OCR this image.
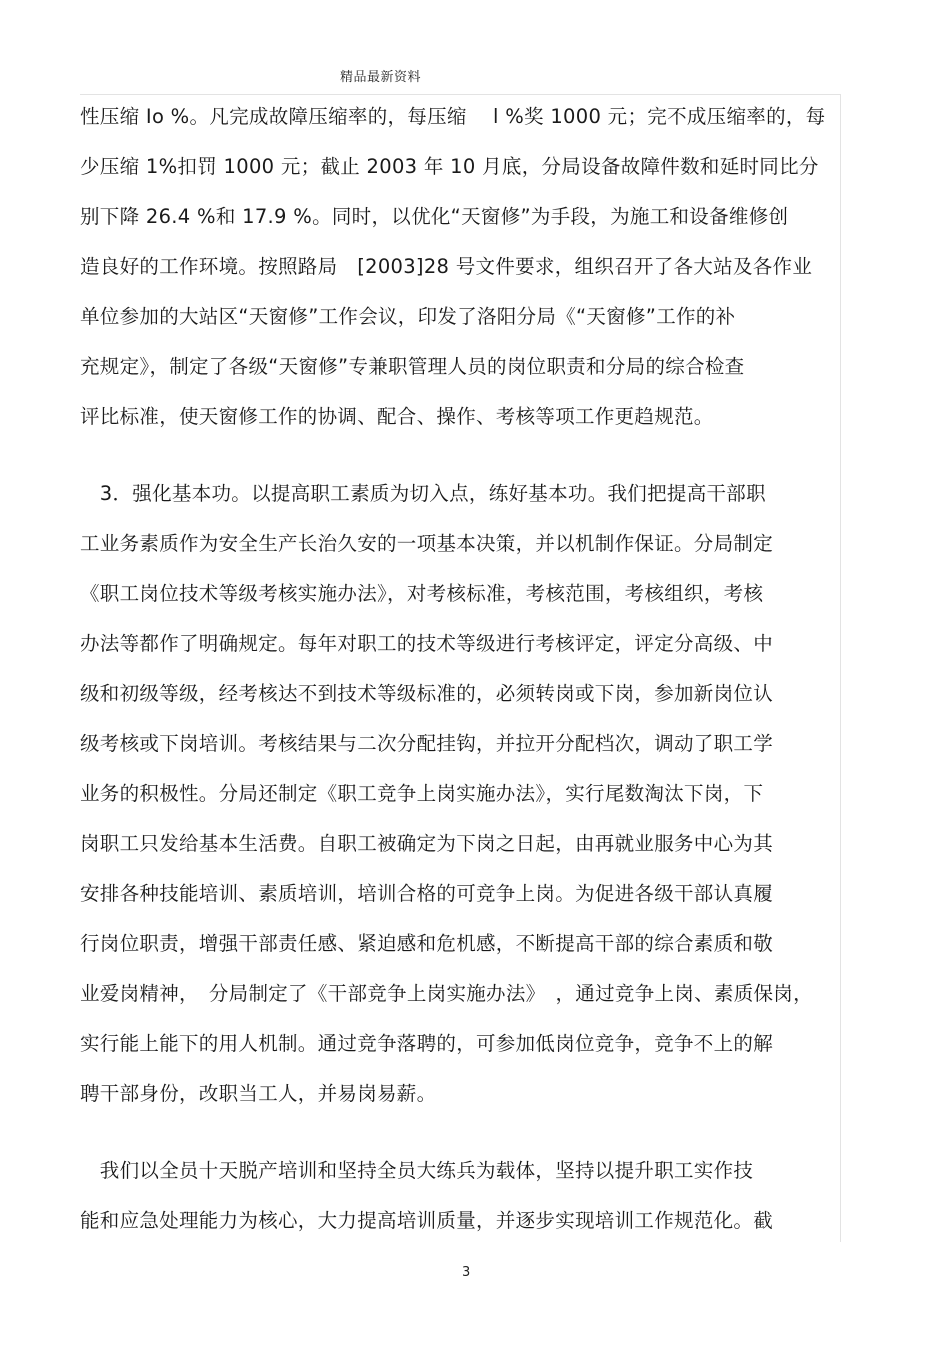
精品最新资料
性压缩 Io %。凡完成故障压缩率的，每压缩　 l %奖 1000 元；完不成压缩率的，每
少压缩 1%扣罚 1000 元；截止 2003 年 10 月底，分局设备故障件数和延时同比分
别下降 26.4 %和 17.9 %。同时，以优化“天窗修”为手段，为施工和设备维修创
造良好的工作环境。按照路局　[2003]28 号文件要求，组织召开了各大站及各作业
单位参加的大站区“天窗修”工作会议，印发了洛阳分局《“天窗修”工作的补
充规定》，制定了各级“天窗修”专兼职管理人员的岗位职责和分局的综合检查
评比标准，使天窗修工作的协调、配合、操作、考核等项工作更趋规范。
　3．强化基本功。以提高职工素质为切入点，练好基本功。我们把提高干部职
工业务素质作为安全生产长治久安的一项基本决策，并以机制作保证。分局制定
《职工岗位技术等级考核实施办法》，对考核标准，考核范围，考核组织，考核
办法等都作了明确规定。每年对职工的技术等级进行考核评定，评定分高级、中
级和初级等级，经考核达不到技术等级标准的，必须转岗或下岗，参加新岗位认
级考核或下岗培训。考核结果与二次分配挂钩，并拉开分配档次，调动了职工学
业务的积极性。分局还制定《职工竞争上岗实施办法》，实行尾数淘汰下岗，下
岗职工只发给基本生活费。自职工被确定为下岗之日起，由再就业服务中心为其
安排各种技能培训、素质培训，培训合格的可竞争上岗。为促进各级干部认真履
行岗位职责，增强干部责任感、紧迫感和危机感，不断提高干部的综合素质和敬
业爱岗精神，　分局制定了《干部竞争上岗实施办法》　，通过竞争上岗、素质保岗，
实行能上能下的用人机制。通过竞争落聘的，可参加低岗位竞争，竞争不上的解
聘干部身份，改职当工人，并易岗易薪。
　我们以全员十天脱产培训和坚持全员大练兵为载体，坚持以提升职工实作技
能和应急处理能力为核心，大力提高培训质量，并逐步实现培训工作规范化。截
3
